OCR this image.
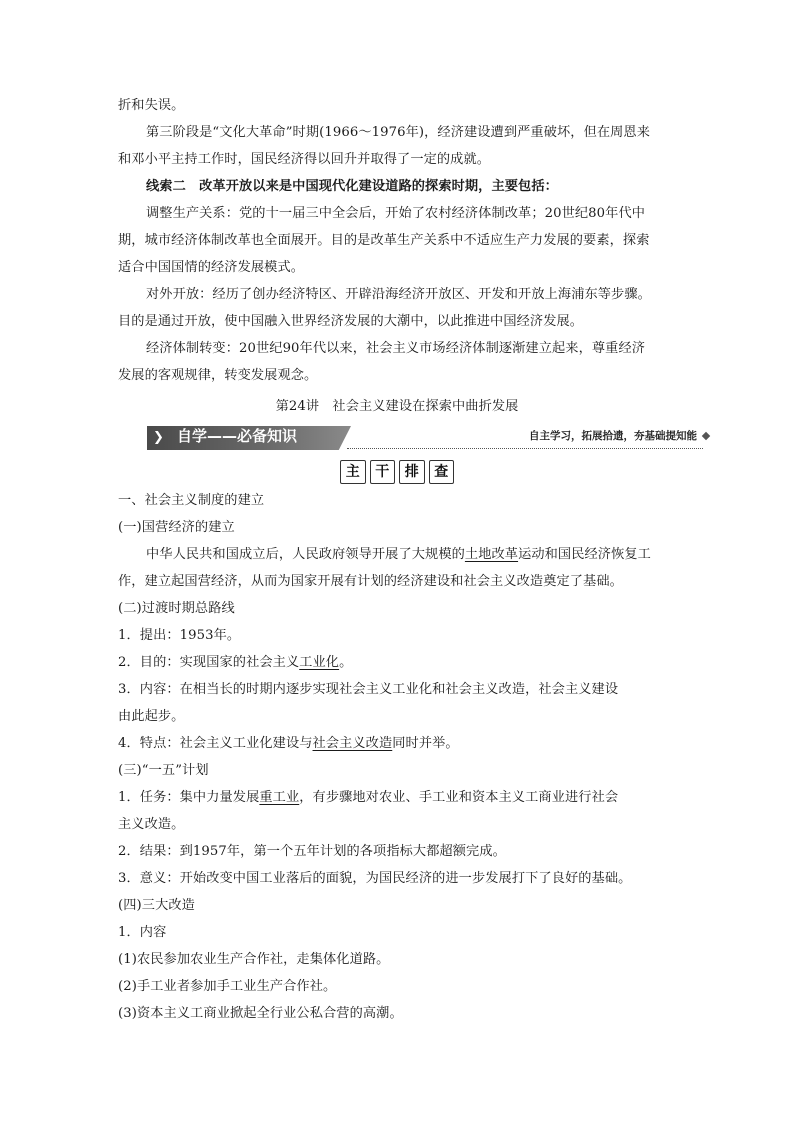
折和失误。
第三阶段是“文化大革命”时期(1966～1976年)，经济建设遭到严重破坏，但在周恩来
和邓小平主持工作时，国民经济得以回升并取得了一定的成就。
线索二　改革开放以来是中国现代化建设道路的探索时期，主要包括：
调整生产关系：党的十一届三中全会后，开始了农村经济体制改革；20世纪80年代中
期，城市经济体制改革也全面展开。目的是改革生产关系中不适应生产力发展的要素，探索
适合中国国情的经济发展模式。
对外开放：经历了创办经济特区、开辟沿海经济开放区、开发和开放上海浦东等步骤。
目的是通过开放，使中国融入世界经济发展的大潮中，以此推进中国经济发展。
经济体制转变：20世纪90年代以来，社会主义市场经济体制逐渐建立起来，尊重经济
发展的客观规律，转变发展观念。
第24讲　社会主义建设在探索中曲折发展
❯ 自学——必备知识	自主学习，拓展拾遗，夯基础提知能
主	干	排	查
一、社会主义制度的建立
(一)国营经济的建立
中华人民共和国成立后，人民政府领导开展了大规模的土地改革运动和国民经济恢复工
作，建立起国营经济，从而为国家开展有计划的经济建设和社会主义改造奠定了基础。
(二)过渡时期总路线
1．提出：1953年。
2．目的：实现国家的社会主义工业化。
3．内容：在相当长的时期内逐步实现社会主义工业化和社会主义改造，社会主义建设
由此起步。
4．特点：社会主义工业化建设与社会主义改造同时并举。
(三)“一五”计划
1．任务：集中力量发展重工业，有步骤地对农业、手工业和资本主义工商业进行社会
主义改造。
2．结果：到1957年，第一个五年计划的各项指标大都超额完成。
3．意义：开始改变中国工业落后的面貌，为国民经济的进一步发展打下了良好的基础。
(四)三大改造
1．内容
(1)农民参加农业生产合作社，走集体化道路。
(2)手工业者参加手工业生产合作社。
(3)资本主义工商业掀起全行业公私合营的高潮。
